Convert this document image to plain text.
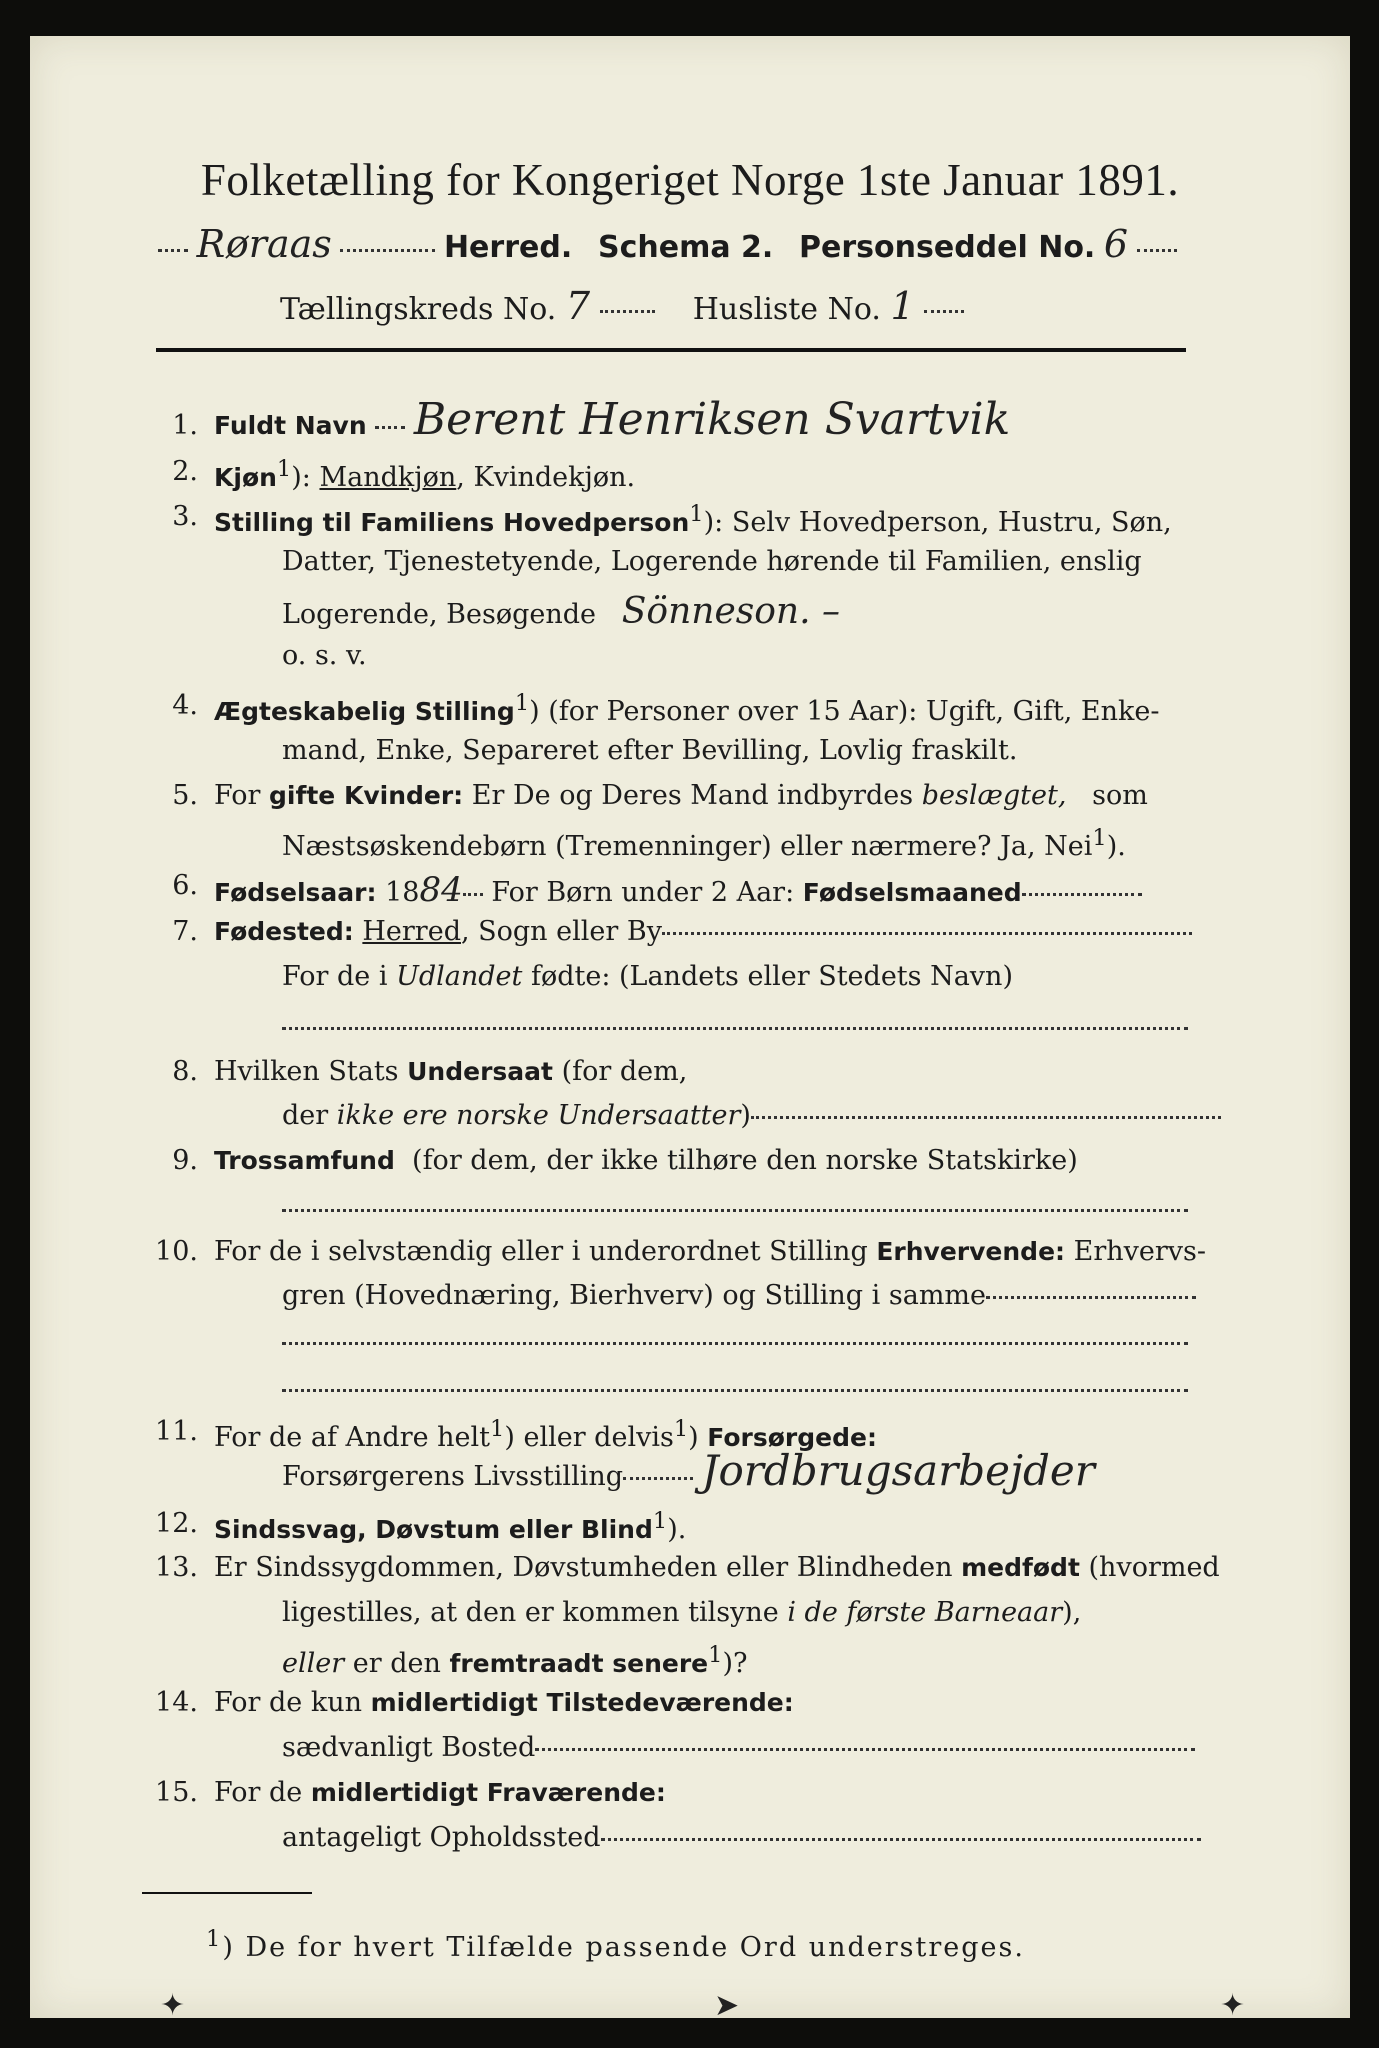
Folketælling for Kongeriget Norge 1ste Januar 1891.
Røraas	Herred. Schema 2. Personseddel No. 6
Tællingskreds No. 7	Husliste No. 1
1. Fuldt Navn Berent Henriksen Svartvik
2. Kjøn$^1$): Mandkjøn, Kvindekjøn.
3. Stilling til Familiens Hovedperson$^1$): Selv Hovedperson, Hustru, Søn,
Datter, Tjenestetyende, Logerende hørende til Familien, enslig
Logerende, Besøgende Sönneson. –
o. s. v.
4. Ægteskabelig Stilling$^1$) (for Personer over 15 Aar): Ugift, Gift, Enke-
mand, Enke, Separeret efter Bevilling, Lovlig fraskilt.
5. For gifte Kvinder: Er De og Deres Mand indbyrdes beslægtet, som
Næstsøskendebørn (Tremenninger) eller nærmere? Ja, Nei$^1$).
6. Fødselsaar: 1884 For Børn under 2 Aar: Fødselsmaaned
7. Fødested: Herred, Sogn eller By
For de i Udlandet fødte: (Landets eller Stedets Navn)
8. Hvilken Stats Undersaat (for dem,
der ikke ere norske Undersaatter)
9. Trossamfund (for dem, der ikke tilhøre den norske Statskirke)
10. For de i selvstændig eller i underordnet Stilling Erhvervende: Erhvervs-
gren (Hovednæring, Bierhverv) og Stilling i samme
11. For de af Andre helt$^1$) eller delvis$^1$) Forsørgede:
Forsørgerens Livsstilling Jordbrugsarbejder
12. Sindssvag, Døvstum eller Blind$^1$).
13. Er Sindssygdommen, Døvstumheden eller Blindheden medfødt (hvormed
ligestilles, at den er kommen tilsyne i de første Barneaar),
eller er den fremtraadt senere$^1$)?
14. For de kun midlertidigt Tilstedeværende:
sædvanligt Bosted
15. For de midlertidigt Fraværende:
antageligt Opholdssted
$^1$) De for hvert Tilfælde passende Ord understreges.
✦	➤	✦
